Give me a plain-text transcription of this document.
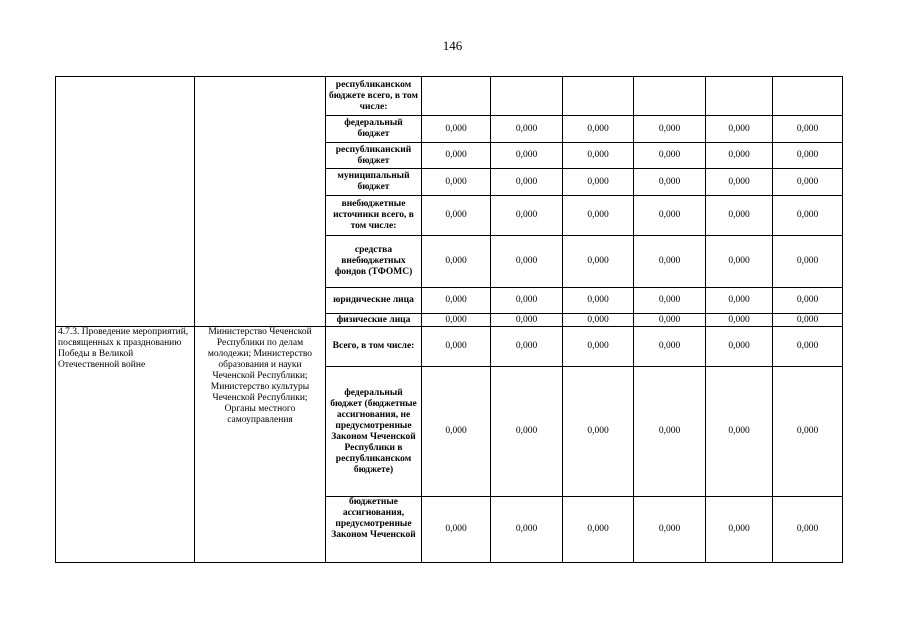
146
		республиканском бюджете всего, в том числе:						
		федеральный бюджет	0,000	0,000	0,000	0,000	0,000	0,000
		республиканский бюджет	0,000	0,000	0,000	0,000	0,000	0,000
		муниципальный бюджет	0,000	0,000	0,000	0,000	0,000	0,000
		внебюджетные источники всего, в том числе:	0,000	0,000	0,000	0,000	0,000	0,000
		средства внебюджетных фондов (ТФОМС)	0,000	0,000	0,000	0,000	0,000	0,000
		юридические лица	0,000	0,000	0,000	0,000	0,000	0,000
		физические лица	0,000	0,000	0,000	0,000	0,000	0,000
4.7.3. Проведение мероприятий, посвященных к празднованию Победы в Великой Отечественной войне	Министерство Чеченской Республики по делам молодежи; Министерство образования и науки Чеченской Республики; Министерство культуры Чеченской Республики; Органы местного самоуправления	Всего, в том числе:	0,000	0,000	0,000	0,000	0,000	0,000
		федеральный бюджет (бюджетные ассигнования, не предусмотренные Законом Чеченской Республики в республиканском бюджете)	0,000	0,000	0,000	0,000	0,000	0,000
		бюджетные ассигнования, предусмотренные Законом Чеченской	0,000	0,000	0,000	0,000	0,000	0,000
